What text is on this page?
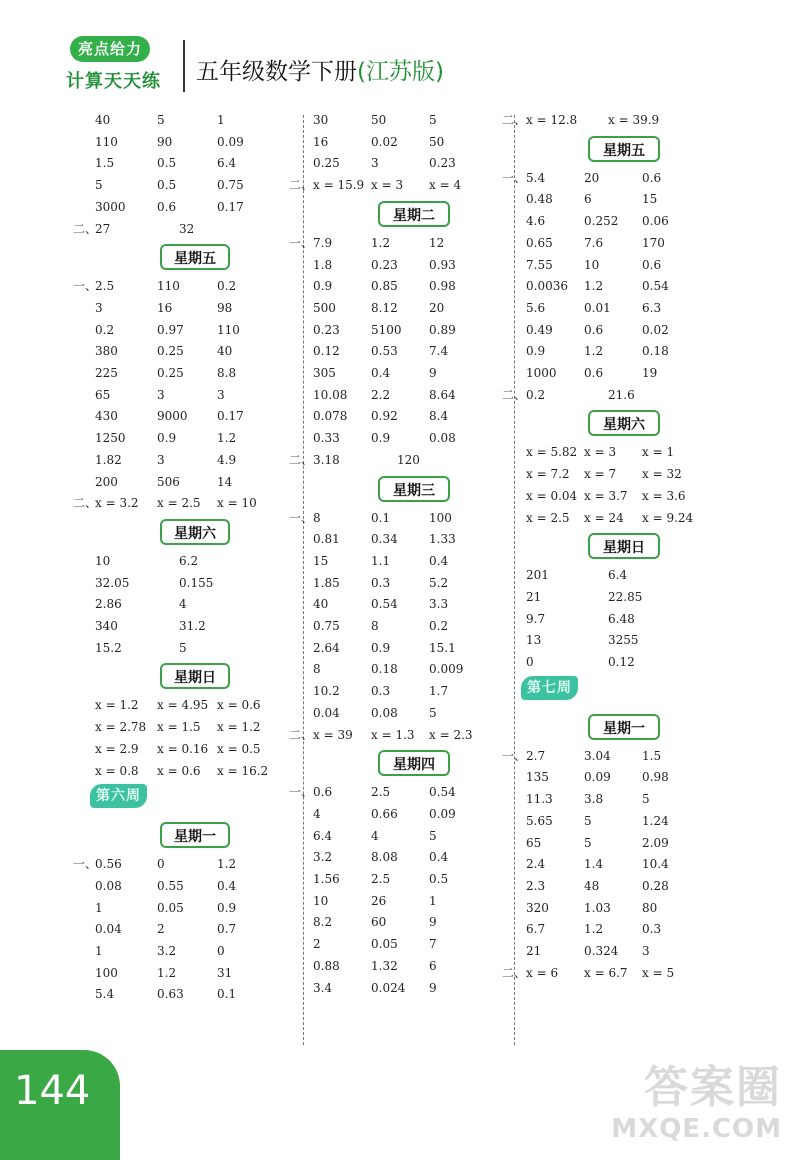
亮点给力
计算天天练 五年级数学下册(江苏版)
40	5	1
110	90	0.09
1.5	0.5	6.4
5	0.5	0.75
3000	0.6	0.17
二、
27	32
星期五
一、
2.5	110	0.2
3	16	98
0.2	0.97	110
380	0.25	40
225	0.25	8.8
65	3	3
430	9000 0.17
1250	0.9	1.2
1.82	3	4.9
200	506	14
二、
x = 3.2 x = 2.5 x = 10
星期六
10	6.2
32.05	0.155
2.86	4
340	31.2
15.2	5
星期日
x = 1.2 x = 4.95 x = 0.6
x = 2.78 x = 1.5 x = 1.2
x = 2.9 x = 0.16 x = 0.5
x = 0.8 x = 0.6 x = 16.2
第六周
星期一
一、
0.56	0	1.2
0.08	0.55	0.4
1	0.05	0.9
0.04	2	0.7
1	3.2	0
100	1.2	31
5.4	0.63	0.1
30	50	5
16	0.02	50
0.25	3	0.23
二、 x = 15.9 x = 3 x = 4
星期二
一、 7.9	1.2	12
1.8	0.23	0.93
0.9	0.85	0.98
500	8.12	20
0.23	5100 0.89
0.12	0.53	7.4
305	0.4	9
10.08 2.2	8.64
0.078 0.92	8.4
0.33	0.9	0.08
二、 3.18	120
星期三
一、 8	0.1	100
0.81	0.34	1.33
15	1.1	0.4
1.85	0.3	5.2
40	0.54	3.3
0.75	8	0.2
2.64	0.9	15.1
8	0.18	0.009
10.2	0.3	1.7
0.04	0.08	5
二、 x = 39 x = 1.3 x = 2.3
星期四
一、 0.6	2.5	0.54
4	0.66	0.09
6.4	4	5
3.2	8.08	0.4
1.56	2.5	0.5
10	26	1
8.2	60	9
2	0.05	7
0.88	1.32	6
3.4	0.024 9
二、 x = 12.8	x = 39.9
星期五
一、 5.4	20	0.6
0.48	6	15
4.6	0.252 0.06
0.65	7.6	170
7.55	10	0.6
0.0036 1.2	0.54
5.6	0.01	6.3
0.49	0.6	0.02
0.9	1.2	0.18
1000 0.6	19
二、 0.2	21.6
星期六
x = 5.82 x = 3 x = 1
x = 7.2 x = 7 x = 32
x = 0.04 x = 3.7 x = 3.6
x = 2.5 x = 24 x = 9.24
星期日
201	6.4
21	22.85
9.7	6.48
13	3255
0	0.12
第七周
星期一
一、 2.7	3.04	1.5
135	0.09	0.98
11.3	3.8	5
5.65	5	1.24
65	5	2.09
2.4	1.4	10.4
2.3	48	0.28
320	1.03	80
6.7	1.2	0.3
21	0.324 3
二、 x = 6 x = 6.7 x = 5
144	答案圈
MXQE.COM
